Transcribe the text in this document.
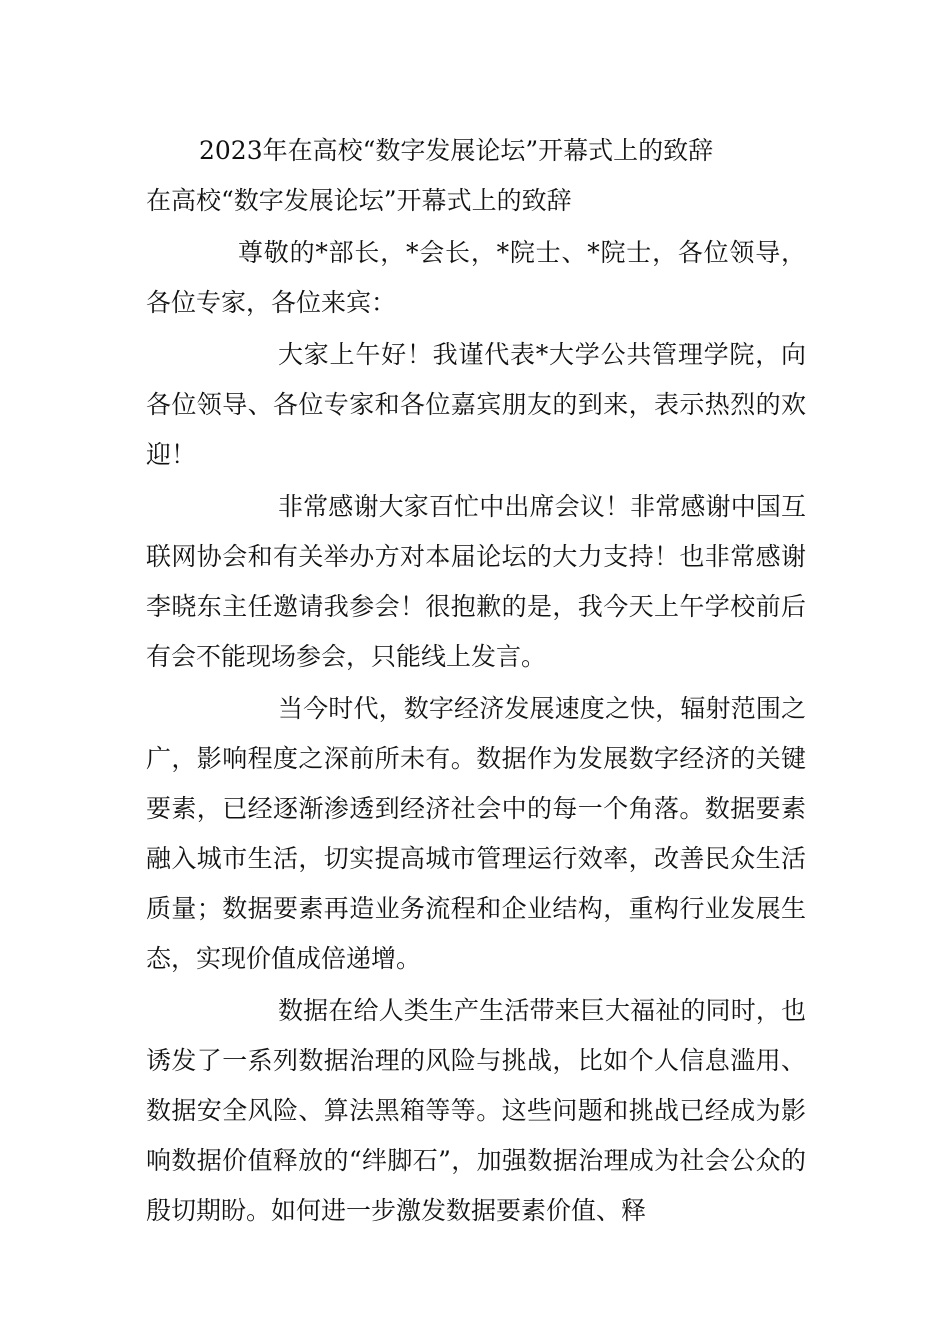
2023年在高校“数字发展论坛”开幕式上的致辞
在高校“数字发展论坛”开幕式上的致辞

尊敬的*部长，*会长，*院士、*院士，各位领导，各位专家，各位来宾：

大家上午好！我谨代表*大学公共管理学院，向各位领导、各位专家和各位嘉宾朋友的到来，表示热烈的欢迎！

非常感谢大家百忙中出席会议！非常感谢中国互联网协会和有关举办方对本届论坛的大力支持！也非常感谢李晓东主任邀请我参会！很抱歉的是，我今天上午学校前后有会不能现场参会，只能线上发言。

当今时代，数字经济发展速度之快，辐射范围之广，影响程度之深前所未有。数据作为发展数字经济的关键要素，已经逐渐渗透到经济社会中的每一个角落。数据要素融入城市生活，切实提高城市管理运行效率，改善民众生活质量；数据要素再造业务流程和企业结构，重构行业发展生态，实现价值成倍递增。

数据在给人类生产生活带来巨大福祉的同时，也诱发了一系列数据治理的风险与挑战，比如个人信息滥用、数据安全风险、算法黑箱等等。这些问题和挑战已经成为影响数据价值释放的“绊脚石”，加强数据治理成为社会公众的殷切期盼。如何进一步激发数据要素价值、释
